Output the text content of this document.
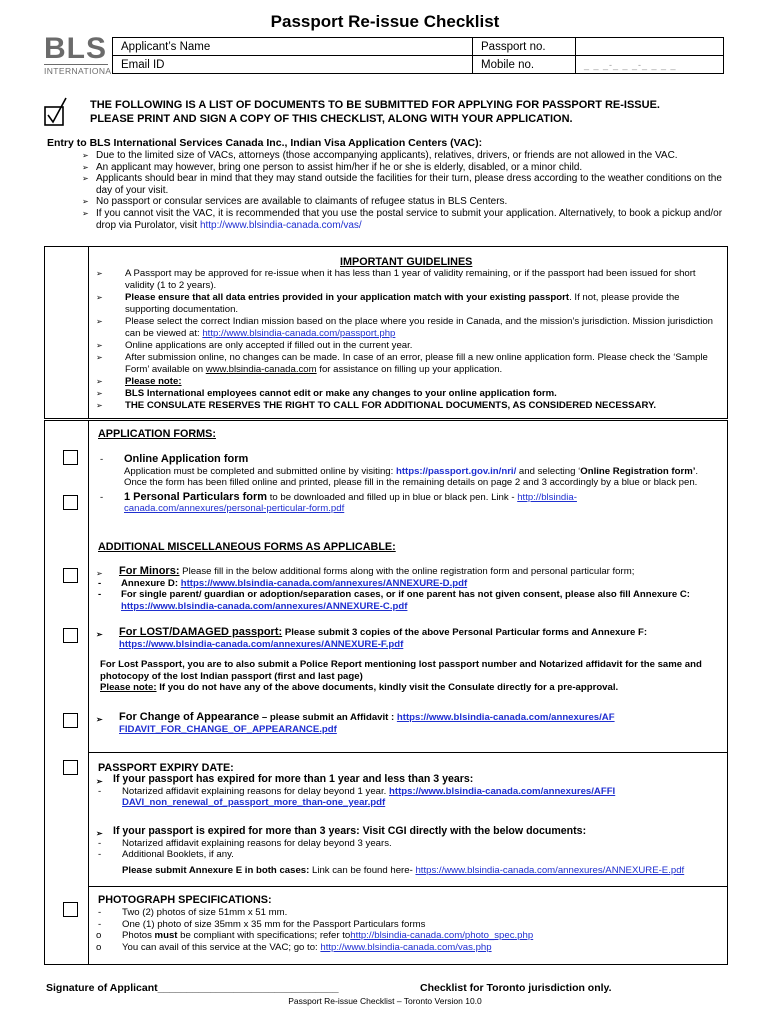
Passport Re-issue Checklist
BLS
INTERNATIONAL
Applicant’s Name	Passport no.	
Email ID	Mobile no.	_ _ _-_ _ _-_ _ _ _
THE FOLLOWING IS A LIST OF DOCUMENTS TO BE SUBMITTED FOR APPLYING FOR PASSPORT RE-ISSUE.
PLEASE PRINT AND SIGN A COPY OF THIS CHECKLIST, ALONG WITH YOUR APPLICATION.
Entry to BLS International Services Canada Inc., Indian Visa Application Centers (VAC):
➢ Due to the limited size of VACs, attorneys (those accompanying applicants), relatives, drivers, or friends are not allowed in the VAC.
➢ An applicant may however, bring one person to assist him/her if he or she is elderly, disabled, or a minor child.
➢ Applicants should bear in mind that they may stand outside the facilities for their turn, please dress according to the weather conditions on the day of your visit.
➢ No passport or consular services are available to claimants of refugee status in BLS Centers.
➢ If you cannot visit the VAC, it is recommended that you use the postal service to submit your application. Alternatively, to book a pickup and/or drop via Purolator, visit http://www.blsindia-canada.com/vas/
IMPORTANT GUIDELINES
➢ A Passport may be approved for re-issue when it has less than 1 year of validity remaining, or if the passport had been issued for short validity (1 to 2 years).
➢ Please ensure that all data entries provided in your application match with your existing passport. If not, please provide the supporting documentation.
➢ Please select the correct Indian mission based on the place where you reside in Canada, and the mission’s jurisdiction. Mission jurisdiction can be viewed at: http://www.blsindia-canada.com/passport.php
➢ Online applications are only accepted if filled out in the current year.
➢ After submission online, no changes can be made. In case of an error, please fill a new online application form. Please check the ‘Sample Form’ available on www.blsindia-canada.com for assistance on filling up your application.
➢ Please note:
➢ BLS International employees cannot edit or make any changes to your online application form.
➢ THE CONSULATE RESERVES THE RIGHT TO CALL FOR ADDITIONAL DOCUMENTS, AS CONSIDERED NECESSARY.
APPLICATION FORMS:
- Online Application form
Application must be completed and submitted online by visiting: https://passport.gov.in/nri/ and selecting ‘Online Registration form’. Once the form has been filled online and printed, please fill in the remaining details on page 2 and 3 accordingly by a blue or black pen.
- 1 Personal Particulars form to be downloaded and filled up in blue or black pen. Link - http://blsindia-canada.com/annexures/personal-perticular-form.pdf
ADDITIONAL MISCELLANEOUS FORMS AS APPLICABLE:
➢ For Minors: Please fill in the below additional forms along with the online registration form and personal particular form;
- Annexure D: https://www.blsindia-canada.com/annexures/ANNEXURE-D.pdf
- For single parent/ guardian or adoption/separation cases, or if one parent has not given consent, please also fill Annexure C: https://www.blsindia-canada.com/annexures/ANNEXURE-C.pdf
➢ For LOST/DAMAGED passport: Please submit 3 copies of the above Personal Particular forms and Annexure F:
https://www.blsindia-canada.com/annexures/ANNEXURE-F.pdf
For Lost Passport, you are to also submit a Police Report mentioning lost passport number and Notarized affidavit for the same and photocopy of the lost Indian passport (first and last page)
Please note: If you do not have any of the above documents, kindly visit the Consulate directly for a pre-approval.
➢ For Change of Appearance – please submit an Affidavit : https://www.blsindia-canada.com/annexures/AFFIDAVIT_FOR_CHANGE_OF_APPEARANCE.pdf
PASSPORT EXPIRY DATE:
➢ If your passport has expired for more than 1 year and less than 3 years:
- Notarized affidavit explaining reasons for delay beyond 1 year. https://www.blsindia-canada.com/annexures/AFFIDAVI_non_renewal_of_passport_more_than-one_year.pdf
➢ If your passport is expired for more than 3 years: Visit CGI directly with the below documents:
- Notarized affidavit explaining reasons for delay beyond 3 years.
- Additional Booklets, if any.
Please submit Annexure E in both cases: Link can be found here- https://www.blsindia-canada.com/annexures/ANNEXURE-E.pdf
PHOTOGRAPH SPECIFICATIONS:
- Two (2) photos of size 51mm x 51 mm.
- One (1) photo of size 35mm x 35 mm for the Passport Particulars forms
o Photos must be compliant with specifications; refer tohttp://blsindia-canada.com/photo_spec.php
o You can avail of this service at the VAC; go to: http://www.blsindia-canada.com/vas.php
Signature of Applicant_______________________________	Checklist for Toronto jurisdiction only.
Passport Re-issue Checklist – Toronto Version 10.0
